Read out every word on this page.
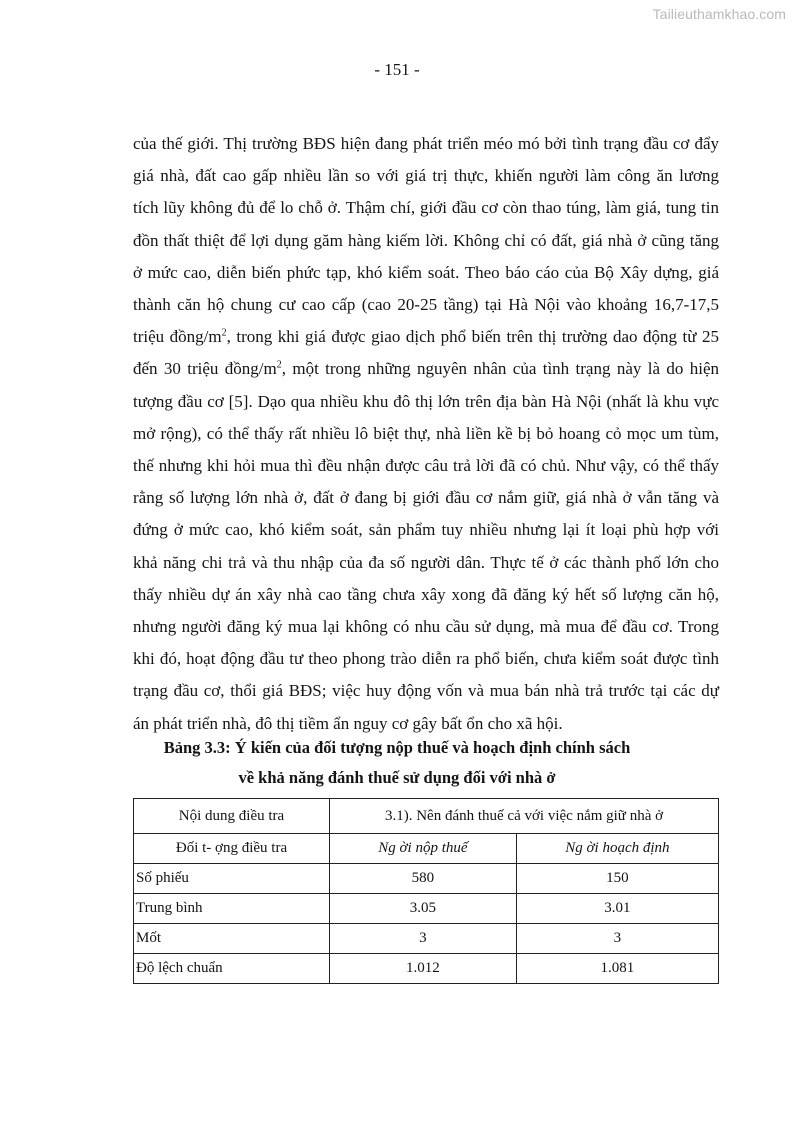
Tailieuthamkhao.com
- 151 -
của thế giới. Thị trường BĐS hiện đang phát triển méo mó bởi tình trạng đầu cơ đẩy
giá nhà, đất cao gấp nhiều lần so với giá trị thực, khiến người làm công ăn lương
tích lũy không đủ để lo chỗ ở. Thậm chí, giới đầu cơ còn thao túng, làm giá, tung tin
đồn thất thiệt để lợi dụng găm hàng kiếm lời. Không chỉ có đất, giá nhà ở cũng tăng
ở mức cao, diễn biến phức tạp, khó kiểm soát. Theo báo cáo của Bộ Xây dựng, giá
thành căn hộ chung cư cao cấp (cao 20-25 tầng) tại Hà Nội vào khoảng 16,7-17,5
triệu đồng/$m^2$, trong khi giá được giao dịch phổ biến trên thị trường dao động từ 25
đến 30 triệu đồng/$m^2$, một trong những nguyên nhân của tình trạng này là do hiện
tượng đầu cơ [5]. Dạo qua nhiều khu đô thị lớn trên địa bàn Hà Nội (nhất là khu vực
mở rộng), có thể thấy rất nhiều lô biệt thự, nhà liền kề bị bỏ hoang cỏ mọc um tùm,
thế nhưng khi hỏi mua thì đều nhận được câu trả lời đã có chủ. Như vậy, có thể thấy
rằng số lượng lớn nhà ở, đất ở đang bị giới đầu cơ nắm giữ, giá nhà ở vẫn tăng và
đứng ở mức cao, khó kiểm soát, sản phẩm tuy nhiều nhưng lại ít loại phù hợp với
khả năng chi trả và thu nhập của đa số người dân. Thực tế ở các thành phố lớn cho
thấy nhiều dự án xây nhà cao tầng chưa xây xong đã đăng ký hết số lượng căn hộ,
nhưng người đăng ký mua lại không có nhu cầu sử dụng, mà mua để đầu cơ. Trong
khi đó, hoạt động đầu tư theo phong trào diễn ra phổ biến, chưa kiểm soát được tình
trạng đầu cơ, thổi giá BĐS; việc huy động vốn và mua bán nhà trả trước tại các dự
án phát triển nhà, đô thị tiềm ẩn nguy cơ gây bất ổn cho xã hội.
Bảng 3.3: Ý kiến của đối tượng nộp thuế và hoạch định chính sách
về khả năng đánh thuế sử dụng đối với nhà ở
Nội dung điều tra	3.1). Nên đánh thuế cả với việc nắm giữ nhà ở	
Đối t- ợng điều tra	Ng ời nộp thuế	Ng ời hoạch định
Số phiếu	580	150
Trung bình	3.05	3.01
Mốt	3	3
Độ lệch chuẩn	1.012	1.081
